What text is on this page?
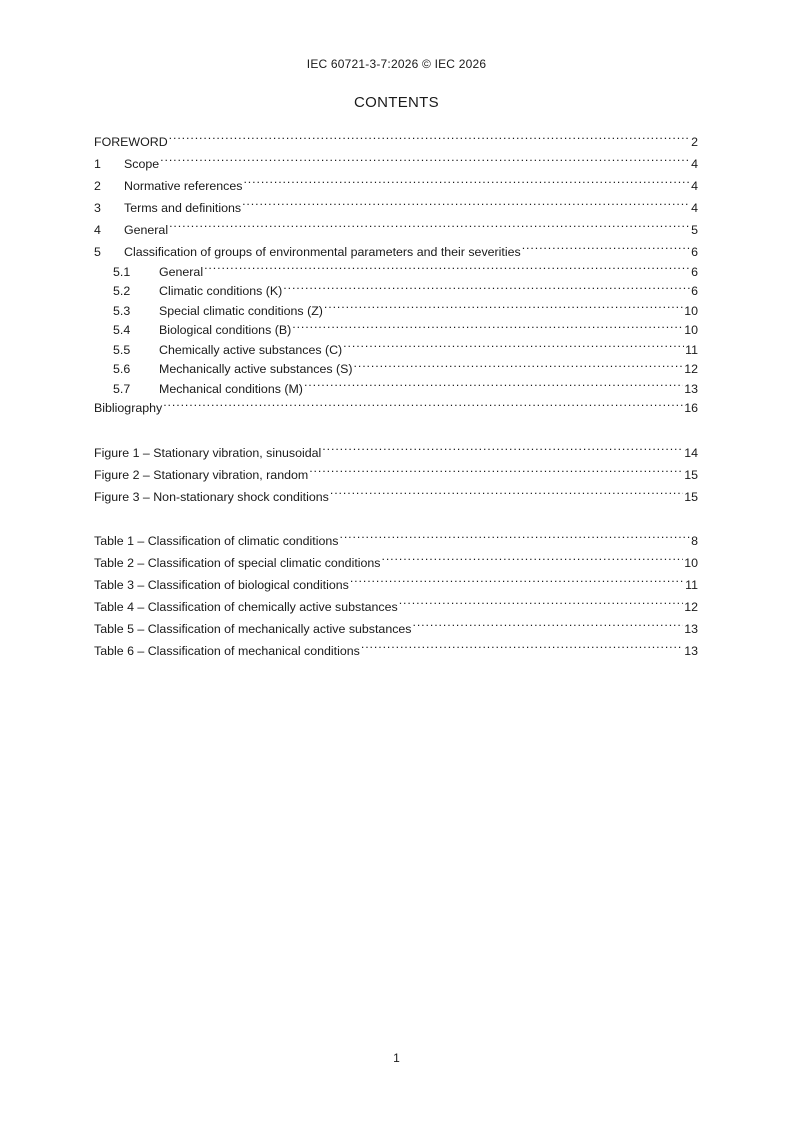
IEC 60721-3-7:2026 © IEC 2026
CONTENTS
FOREWORD .....	2
1	Scope .....	4
2	Normative references .....	4
3	Terms and definitions .....	4
4	General .....	5
5	Classification of groups of environmental parameters and their severities .....	6
5.1	General .....	6
5.2	Climatic conditions (K) .....	6
5.3	Special climatic conditions (Z) .....	10
5.4	Biological conditions (B) .....	10
5.5	Chemically active substances (C) .....	11
5.6	Mechanically active substances (S) .....	12
5.7	Mechanical conditions (M) .....	13
Bibliography .....	16
Figure 1 – Stationary vibration, sinusoidal .....	14
Figure 2 – Stationary vibration, random .....	15
Figure 3 – Non-stationary shock conditions .....	15
Table 1 – Classification of climatic conditions .....	8
Table 2 – Classification of special climatic conditions .....	10
Table 3 – Classification of biological conditions .....	11
Table 4 – Classification of chemically active substances .....	12
Table 5 – Classification of mechanically active substances .....	13
Table 6 – Classification of mechanical conditions .....	13
1
